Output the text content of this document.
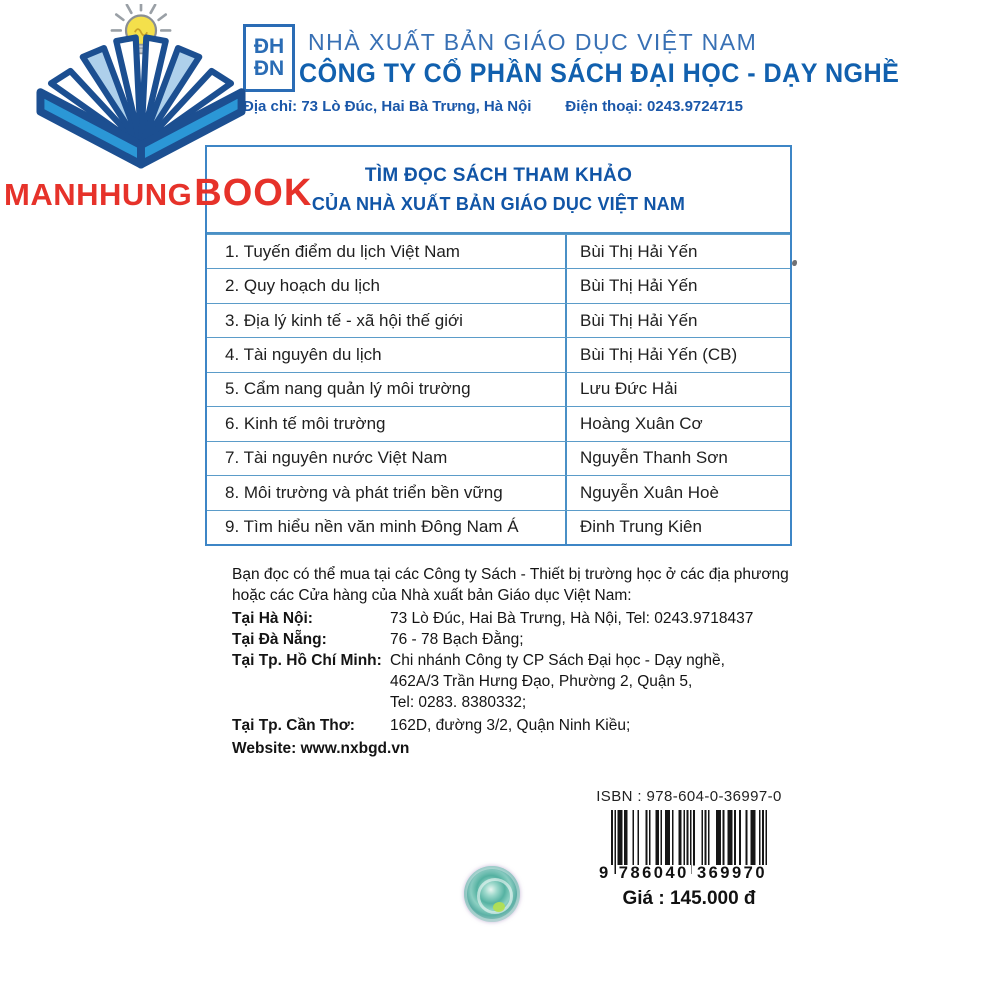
MANHHUNG BOOK
ĐH
ĐN
NHÀ XUẤT BẢN GIÁO DỤC VIỆT NAM
CÔNG TY CỔ PHẦN SÁCH ĐẠI HỌC - DẠY NGHỀ
Địa chỉ: 73 Lò Đúc, Hai Bà Trưng, Hà Nội Điện thoại: 0243.9724715
TÌM ĐỌC SÁCH THAM KHẢO
CỦA NHÀ XUẤT BẢN GIÁO DỤC VIỆT NAM
1. Tuyến điểm du lịch Việt Nam	Bùi Thị Hải Yến
2. Quy hoạch du lịch	Bùi Thị Hải Yến
3. Địa lý kinh tế - xã hội thế giới	Bùi Thị Hải Yến
4. Tài nguyên du lịch	Bùi Thị Hải Yến (CB)
5. Cẩm nang quản lý môi trường	Lưu Đức Hải
6. Kinh tế môi trường	Hoàng Xuân Cơ
7. Tài nguyên nước Việt Nam	Nguyễn Thanh Sơn
8. Môi trường và phát triển bền vững	Nguyễn Xuân Hoè
9. Tìm hiểu nền văn minh Đông Nam Á	Đinh Trung Kiên
Bạn đọc có thể mua tại các Công ty Sách - Thiết bị trường học ở các địa phương
hoặc các Cửa hàng của Nhà xuất bản Giáo dục Việt Nam:
Tại Hà Nội:	73 Lò Đúc, Hai Bà Trưng, Hà Nội, Tel: 0243.9718437
Tại Đà Nẵng:	76 - 78 Bạch Đằng;
Tại Tp. Hồ Chí Minh: Chi nhánh Công ty CP Sách Đại học - Dạy nghề,
462A/3 Trần Hưng Đạo, Phường 2, Quận 5,
Tel: 0283. 8380332;
Tại Tp. Cần Thơ:	162D, đường 3/2, Quận Ninh Kiều;
Website: www.nxbgd.vn
ISBN : 978-604-0-36997-0
9 786040 369970
Giá : 145.000 đ
